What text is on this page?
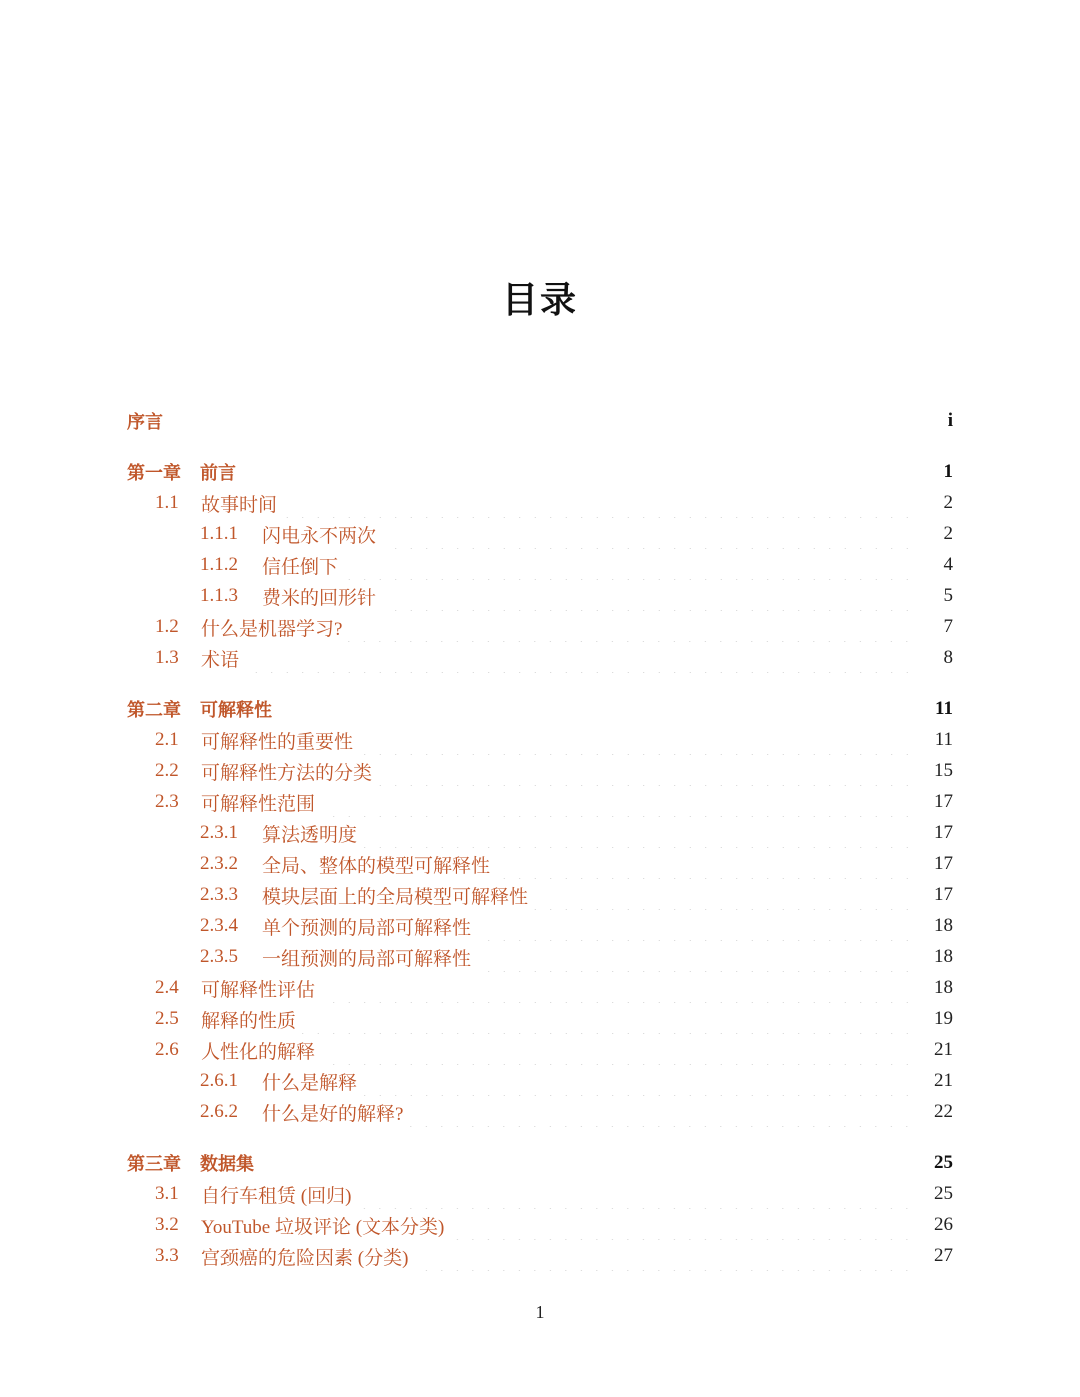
目录
序言	i
第一章	前言	1
1.1	故事时间	2
1.1.1	闪电永不两次	2
1.1.2	信任倒下	4
1.1.3	费米的回形针	5
1.2	什么是机器学习?	7
1.3	术语	8
第二章	可解释性	11
2.1	可解释性的重要性	11
2.2	可解释性方法的分类	15
2.3	可解释性范围	17
2.3.1	算法透明度	17
2.3.2	全局、整体的模型可解释性	17
2.3.3	模块层面上的全局模型可解释性	17
2.3.4	单个预测的局部可解释性	18
2.3.5	一组预测的局部可解释性	18
2.4	可解释性评估	18
2.5	解释的性质	19
2.6	人性化的解释	21
2.6.1	什么是解释	21
2.6.2	什么是好的解释?	22
第三章	数据集	25
3.1	自行车租赁 (回归)	25
3.2	YouTube 垃圾评论 (文本分类)	26
3.3	宫颈癌的危险因素 (分类)	27
1
